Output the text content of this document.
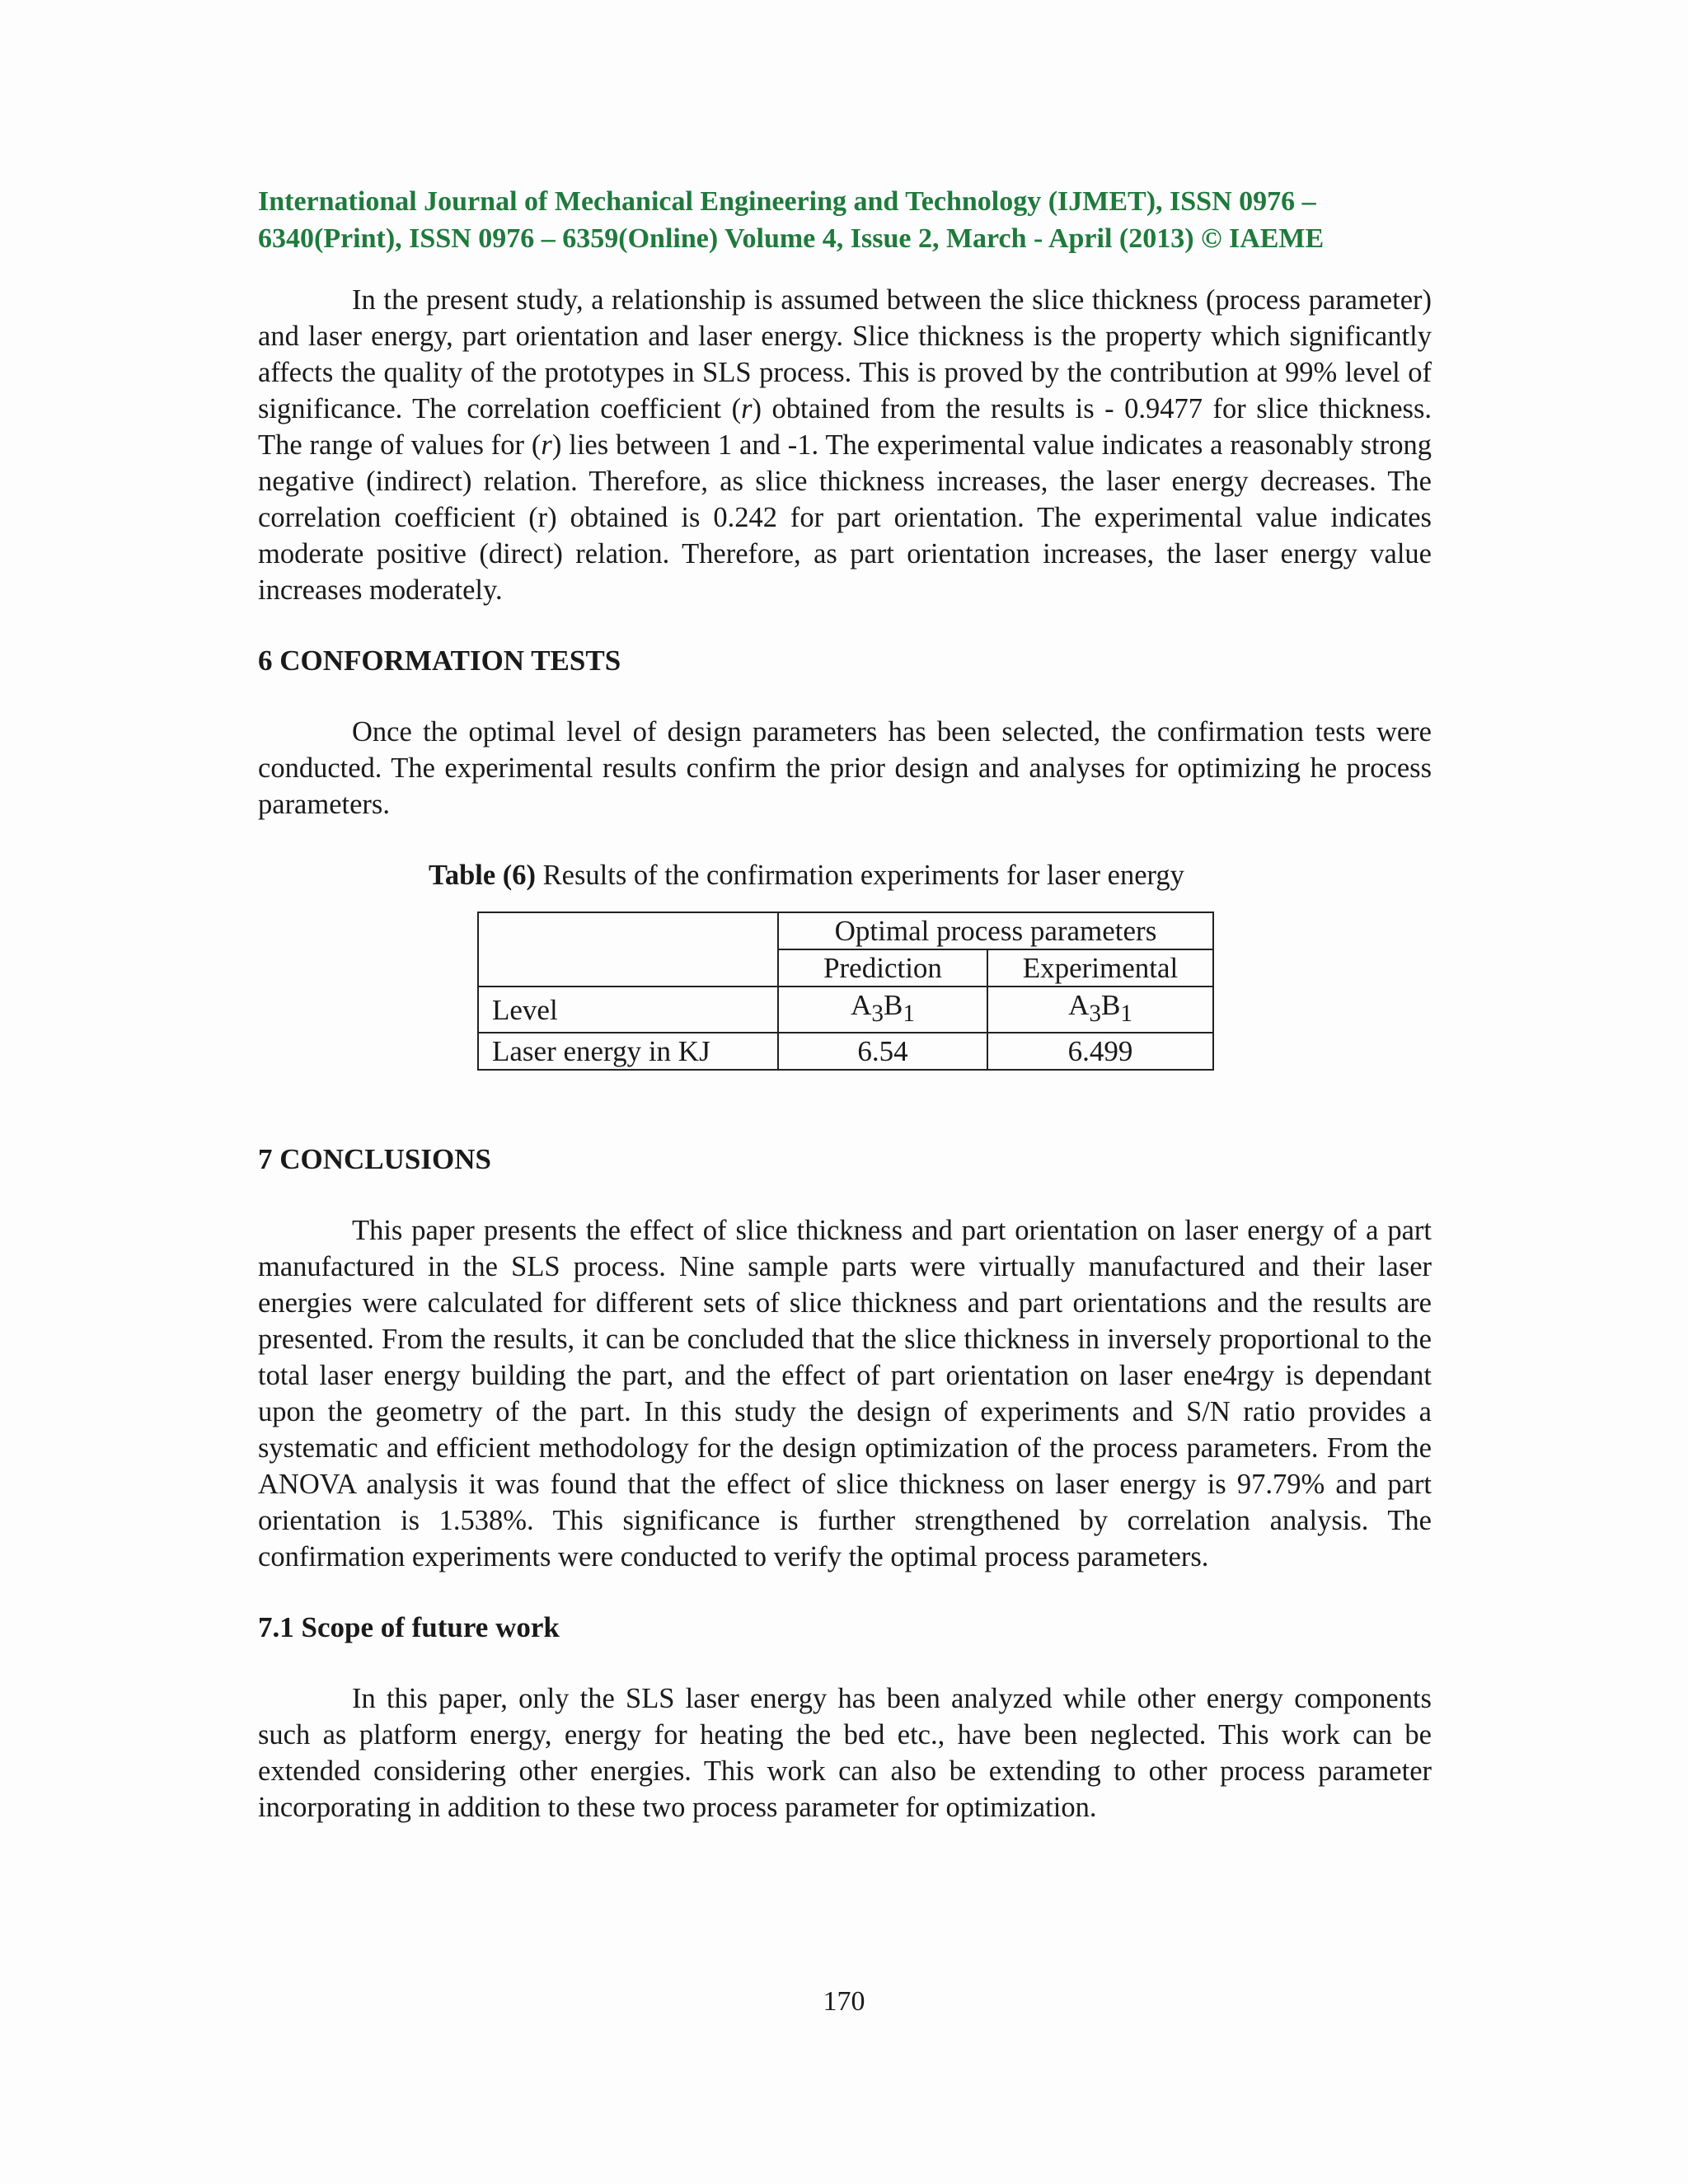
International Journal of Mechanical Engineering and Technology (IJMET), ISSN 0976 –
6340(Print), ISSN 0976 – 6359(Online) Volume 4, Issue 2, March - April (2013) © IAEME

In the present study, a relationship is assumed between the slice thickness (process parameter) and laser energy, part orientation and laser energy. Slice thickness is the property which significantly affects the quality of the prototypes in SLS process. This is proved by the contribution at 99% level of significance. The correlation coefficient (r) obtained from the results is - 0.9477 for slice thickness. The range of values for (r) lies between 1 and -1. The experimental value indicates a reasonably strong negative (indirect) relation. Therefore, as slice thickness increases, the laser energy decreases. The correlation coefficient (r) obtained is 0.242 for part orientation. The experimental value indicates moderate positive (direct) relation. Therefore, as part orientation increases, the laser energy value increases moderately.

6 CONFORMATION TESTS

Once the optimal level of design parameters has been selected, the confirmation tests were conducted. The experimental results confirm the prior design and analyses for optimizing he process parameters.

Table (6) Results of the confirmation experiments for laser energy

	Optimal process parameters	
	Prediction	Experimental
Level	$A_3B_1$	$A_3B_1$
Laser energy in KJ	6.54	6.499

7 CONCLUSIONS

This paper presents the effect of slice thickness and part orientation on laser energy of a part manufactured in the SLS process. Nine sample parts were virtually manufactured and their laser energies were calculated for different sets of slice thickness and part orientations and the results are presented. From the results, it can be concluded that the slice thickness in inversely proportional to the total laser energy building the part, and the effect of part orientation on laser ene4rgy is dependant upon the geometry of the part. In this study the design of experiments and S/N ratio provides a systematic and efficient methodology for the design optimization of the process parameters. From the ANOVA analysis it was found that the effect of slice thickness on laser energy is 97.79% and part orientation is 1.538%. This significance is further strengthened by correlation analysis. The confirmation experiments were conducted to verify the optimal process parameters.

7.1 Scope of future work

In this paper, only the SLS laser energy has been analyzed while other energy components such as platform energy, energy for heating the bed etc., have been neglected. This work can be extended considering other energies. This work can also be extending to other process parameter incorporating in addition to these two process parameter for optimization.

170
